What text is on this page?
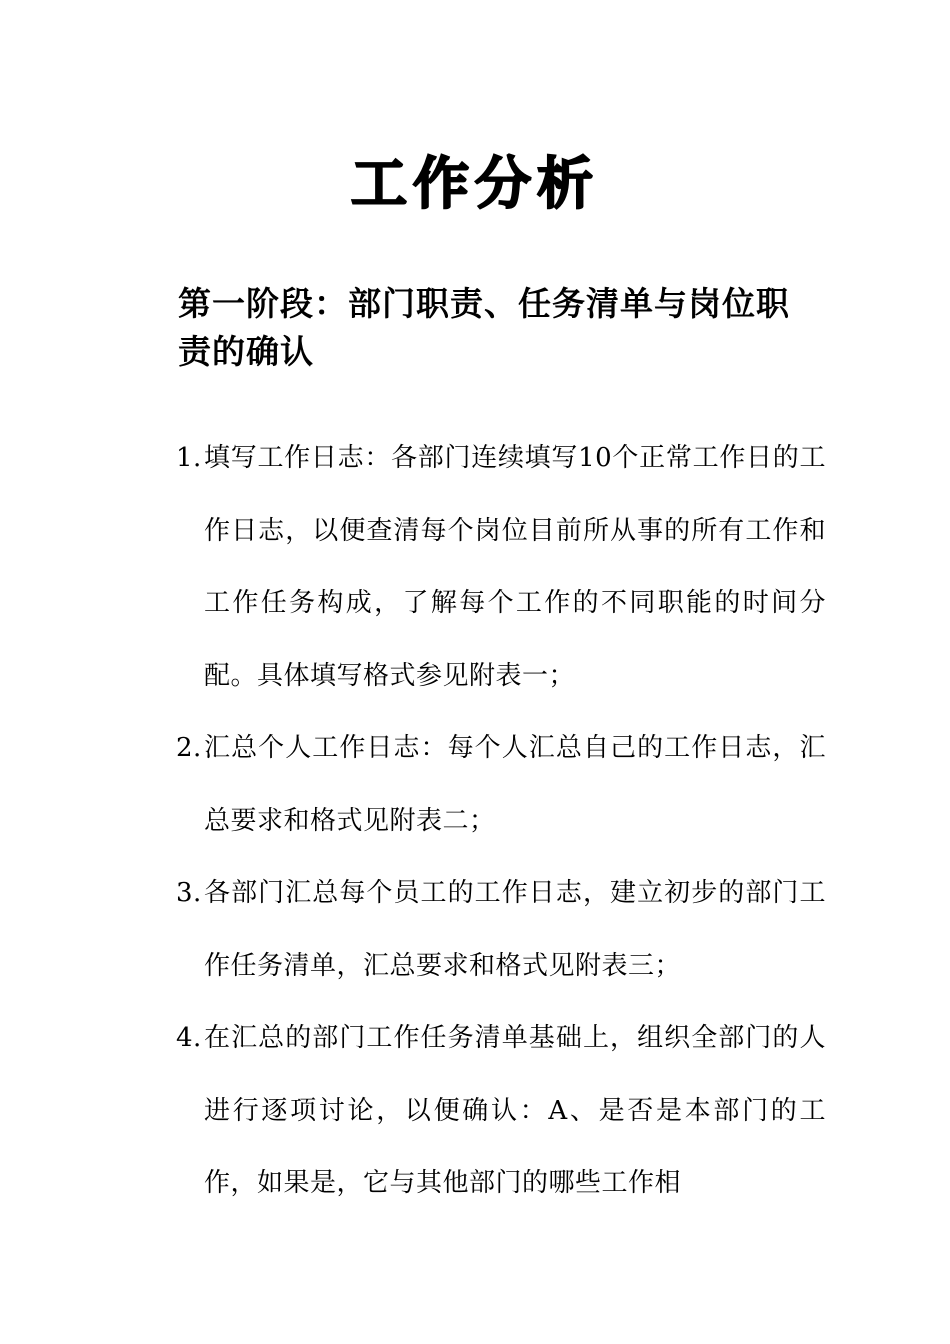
工作分析
第一阶段：部门职责、任务清单与岗位职责的确认
1. 填写工作日志：各部门连续填写10个正常工作日的工作日志，以便查清每个岗位目前所从事的所有工作和工作任务构成，了解每个工作的不同职能的时间分配。具体填写格式参见附表一；
2. 汇总个人工作日志：每个人汇总自己的工作日志，汇总要求和格式见附表二；
3. 各部门汇总每个员工的工作日志，建立初步的部门工作任务清单，汇总要求和格式见附表三；
4. 在汇总的部门工作任务清单基础上，组织全部门的人进行逐项讨论，以便确认：A、是否是本部门的工作，如果是，它与其他部门的哪些工作相
